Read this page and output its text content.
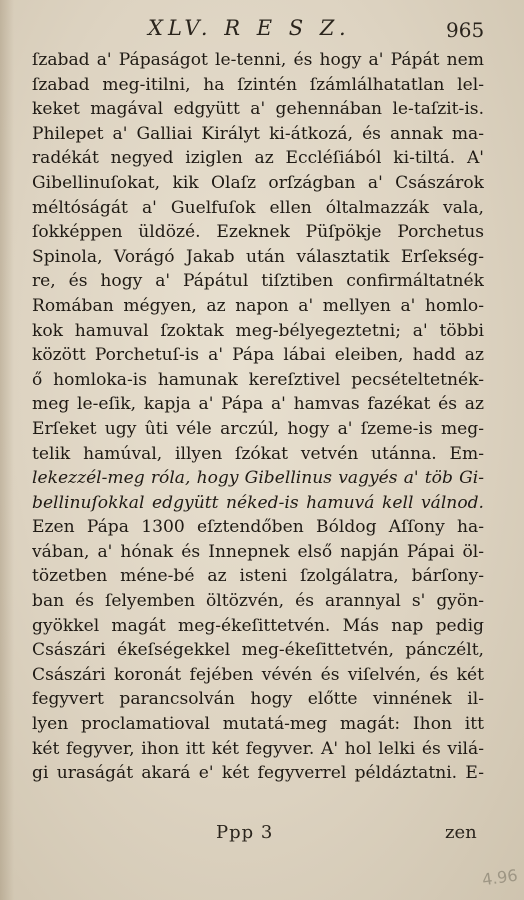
XLV. R E S Z.	965
ſzabad a' Pápaságot le-tenni, és hogy a' Pápát nem
ſzabad meg-itilni, ha ſzintén ſzámlálhatatlan lel-
keket magával edgyütt a' gehennában le-taſzit-is.
Philepet a' Galliai Királyt ki-átkozá, és annak ma-
radékát negyed iziglen az Eccléſiából ki-tiltá. A'
Gibellinuſokat, kik Olaſz orſzágban a' Császárok
méltóságát a' Guelfuſok ellen óltalmazzák vala,
ſokképpen üldözé. Ezeknek Püſpökje Porchetus
Spinola, Vorágó Jakab után választatik Erſekség-
re, és hogy a' Pápátul tiſztiben confirmáltatnék
Romában mégyen, az napon a' mellyen a' homlo-
kok hamuval ſzoktak meg-bélyegeztetni; a' többi
között Porchetuſ-is a' Pápa lábai eleiben, hadd az
ő homloka-is hamunak kereſztivel pecsételtetnék-
meg le-eſik, kapja a' Pápa a' hamvas fazékat és az
Erſeket ugy ûti véle arczúl, hogy a' ſzeme-is meg-
telik hamúval, illyen ſzókat vetvén utánna. Em-
lekezzél-meg róla, hogy Gibellinus vagyés a' töb Gi-
bellinuſokkal edgyütt néked-is hamuvá kell válnod.
Ezen Pápa 1300 eſztendőben Bóldog Aſſony ha-
vában, a' hónak és Innepnek első napján Pápai öl-
tözetben méne-bé az isteni ſzolgálatra, bárſony-
ban és ſelyemben öltözvén, és arannyal s' gyön-
gyökkel magát meg-ékeſittetvén. Más nap pedig
Császári ékeſségekkel meg-ékeſittetvén, pánczélt,
Császári koronát fejében vévén és viſelvén, és két
fegyvert parancsolván hogy előtte vinnének il-
lyen proclamatioval mutatá-meg magát: Ihon itt
két fegyver, ihon itt két fegyver. A' hol lelki és vilá-
gi uraságát akará e' két fegyverrel példáztatni. E-
Ppp 3	zen
4.96
